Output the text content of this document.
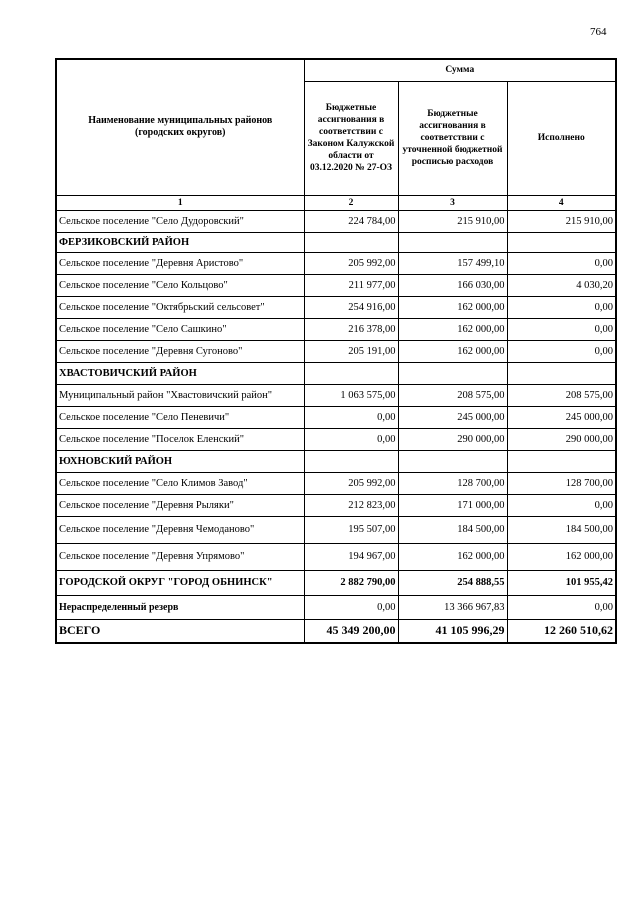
764
Наименование муниципальных районов (городских округов)	Сумма		
	Бюджетные ассигнования в соответствии с Законом Калужской области от 03.12.2020 № 27-ОЗ	Бюджетные ассигнования в соответствии с уточненной бюджетной росписью расходов	Исполнено
1	2	3	4
Сельское поселение "Село Дудоровский"	224 784,00	215 910,00	215 910,00
ФЕРЗИКОВСКИЙ РАЙОН			
Сельское поселение "Деревня Аристово"	205 992,00	157 499,10	0,00
Сельское поселение "Село Кольцово"	211 977,00	166 030,00	4 030,20
Сельское поселение "Октябрьский сельсовет"	254 916,00	162 000,00	0,00
Сельское поселение "Село Сашкино"	216 378,00	162 000,00	0,00
Сельское поселение "Деревня Сугоново"	205 191,00	162 000,00	0,00
ХВАСТОВИЧСКИЙ РАЙОН			
Муниципальный район "Хвастовичский район"	1 063 575,00	208 575,00	208 575,00
Сельское поселение "Село Пеневичи"	0,00	245 000,00	245 000,00
Сельское поселение "Поселок Еленский"	0,00	290 000,00	290 000,00
ЮХНОВСКИЙ РАЙОН			
Сельское поселение "Село Климов Завод"	205 992,00	128 700,00	128 700,00
Сельское поселение "Деревня Рыляки"	212 823,00	171 000,00	0,00
Сельское поселение "Деревня Чемоданово"	195 507,00	184 500,00	184 500,00
Сельское поселение "Деревня Упрямово"	194 967,00	162 000,00	162 000,00
ГОРОДСКОЙ ОКРУГ "ГОРОД ОБНИНСК"	2 882 790,00	254 888,55	101 955,42
Нераспределенный резерв	0,00	13 366 967,83	0,00
ВСЕГО	45 349 200,00	41 105 996,29	12 260 510,62
